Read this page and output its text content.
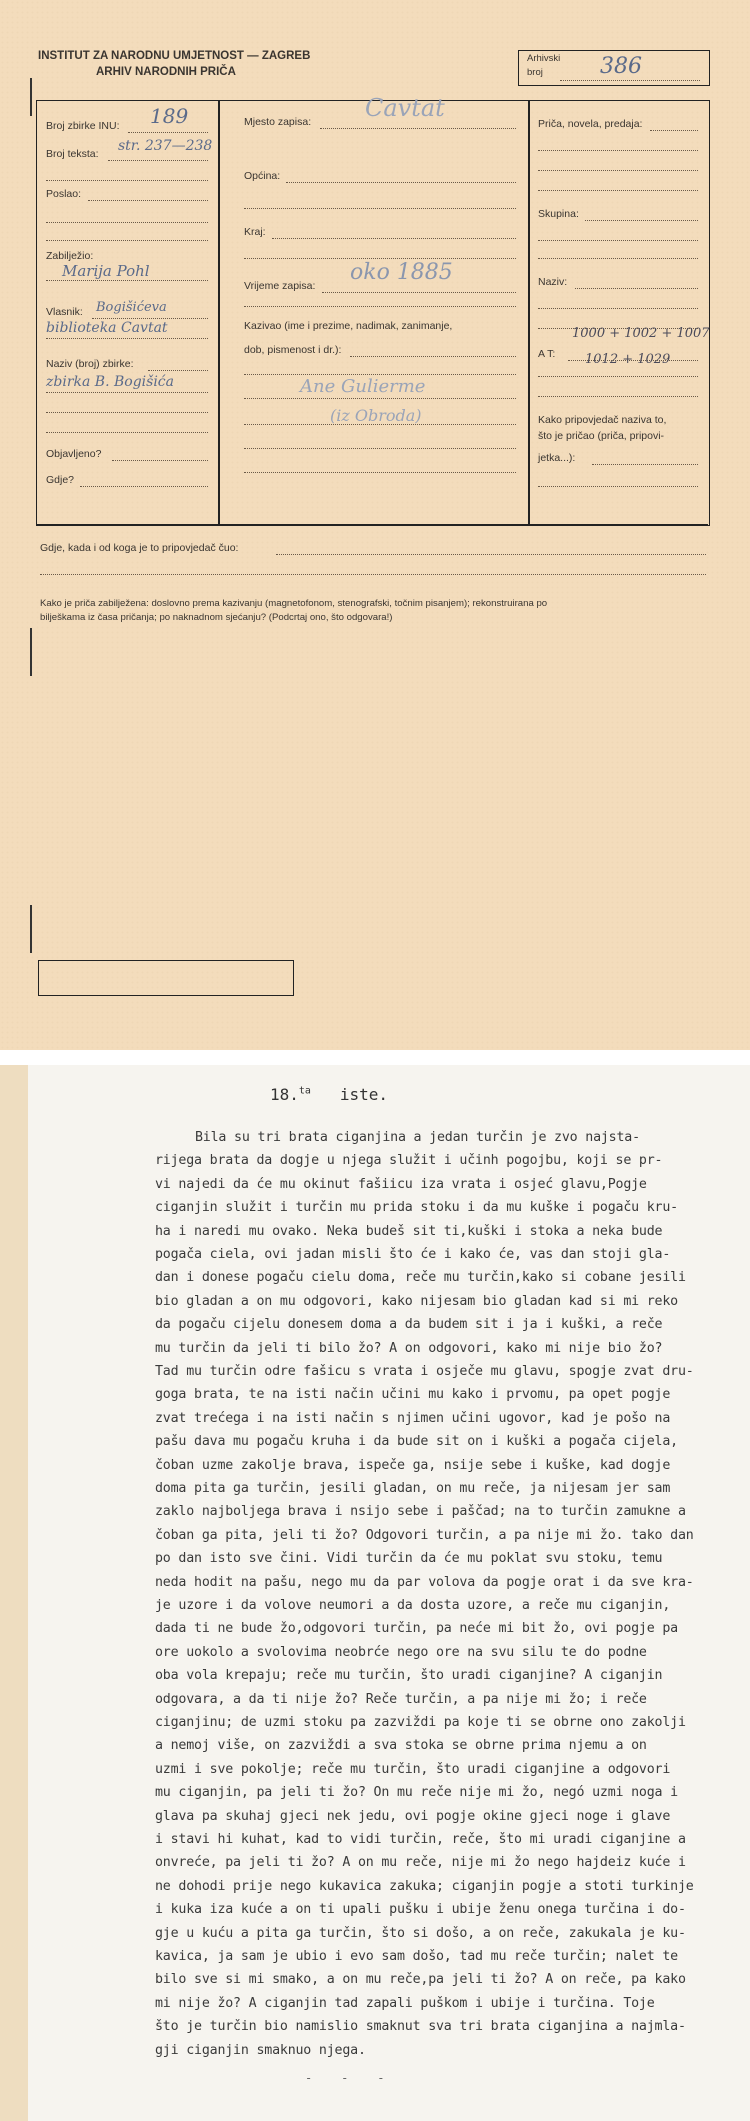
INSTITUT ZA NARODNU UMJETNOST — ZAGREB
ARHIV NARODNIH PRIČA
Arhivski
broj	386
Broj zbirke INU: 189
Broj teksta: str. 237—238
Poslao:
Zabilježio:
Marija Pohl
Vlasnik: Bogišićeva
biblioteka Cavtat
Naziv (broj) zbirke:
zbirka B. Bogišića
Objavljeno?
Gdje?
Mjesto zapisa: Cavtat
Općina:
Kraj:
Vrijeme zapisa:
oko 1885
Kazivao (ime i prezime, nadimak, zanimanje,
dob, pismenost i dr.):
Ane Gulierme
(iz Obroda)
Priča, novela, predaja:
Skupina:
Naziv:
A T:
1000 + 1002 + 1007
1012 + 1029
Kako pripovjedač naziva to,
što je pričao (priča, pripovi-
jetka...):
Gdje, kada i od koga je to pripovjedač čuo:
Kako je priča zabilježena: doslovno prema kazivanju (magnetofonom, stenografski, točnim pisanjem); rekonstruirana po
bilješkama iz časa pričanja; po naknadnom sjećanju? (Podcrtaj ono, što odgovara!)
18.$^{ta}$ iste.
Bila su tri brata ciganjina a jedan turčin je zvo najsta-
rijega brata da dogje u njega služit i učinh pogojbu, koji se pr-
vi najedi da će mu okinut fašiicu iza vrata i osjeć glavu,Pogje
ciganjin služit i turčin mu prida stoku i da mu kuške i pogaču kru-
ha i naredi mu ovako. Neka budeš sit ti,kuški i stoka a neka bude
pogača ciela, ovi jadan misli što će i kako će, vas dan stoji gla-
dan i donese pogaču cielu doma, reče mu turčin,kako si cobane jesili
bio gladan a on mu odgovori, kako nijesam bio gladan kad si mi reko
da pogaču cijelu donesem doma a da budem sit i ja i kuški, a reče
mu turčin da jeli ti bilo žo? A on odgovori, kako mi nije bio žo?
Tad mu turčin odre fašicu s vrata i osječe mu glavu, spogje zvat dru-
goga brata, te na isti način učini mu kako i prvomu, pa opet pogje
zvat trećega i na isti način s njimen učini ugovor, kad je pošo na
pašu dava mu pogaču kruha i da bude sit on i kuški a pogača cijela,
čoban uzme zakolje brava, ispeče ga, nsije sebe i kuške, kad dogje
doma pita ga turčin, jesili gladan, on mu reče, ja nijesam jer sam
zaklo najboljega brava i nsijo sebe i paščad; na to turčin zamukne a
čoban ga pita, jeli ti žo? Odgovori turčin, a pa nije mi žo. tako dan
po dan isto sve čini. Vidi turčin da će mu poklat svu stoku, temu
neda hodit na pašu, nego mu da par volova da pogje orat i da sve kra-
je uzore i da volove neumori a da dosta uzore, a reče mu ciganjin,
dada ti ne bude žo,odgovori turčin, pa neće mi bit žo, ovi pogje pa
ore uokolo a svolovima neobrće nego ore na svu silu te do podne
oba vola krepaju; reče mu turčin, što uradi ciganjine? A ciganjin
odgovara, a da ti nije žo? Reče turčin, a pa nije mi žo; i reče
ciganjinu; de uzmi stoku pa zazviždi pa koje ti se obrne ono zakolji
a nemoj više, on zazviždi a sva stoka se obrne prima njemu a on
uzmi i sve pokolje; reče mu turčin, što uradi ciganjine a odgovori
mu ciganjin, pa jeli ti žo? On mu reče nije mi žo, negó uzmi noga i
glava pa skuhaj gjeci nek jedu, ovi pogje okine gjeci noge i glave
i stavi hi kuhat, kad to vidi turčin, reče, što mi uradi ciganjine a
onvreće, pa jeli ti žo? A on mu reče, nije mi žo nego hajdeiz kuće i
ne dohodi prije nego kukavica zakuka; ciganjin pogje a stoti turkinje
i kuka iza kuće a on ti upali pušku i ubije ženu onega turčina i do-
gje u kuću a pita ga turčin, što si došo, a on reče, zakukala je ku-
kavica, ja sam je ubio i evo sam došo, tad mu reče turčin; nalet te
bilo sve si mi smako, a on mu reče,pa jeli ti žo? A on reče, pa kako
mi nije žo? A ciganjin tad zapali puškom i ubije i turčina. Toje
što je turčin bio namislio smaknut sva tri brata ciganjina a najmla-
gji ciganjin smaknuo njega.
-    -    -
